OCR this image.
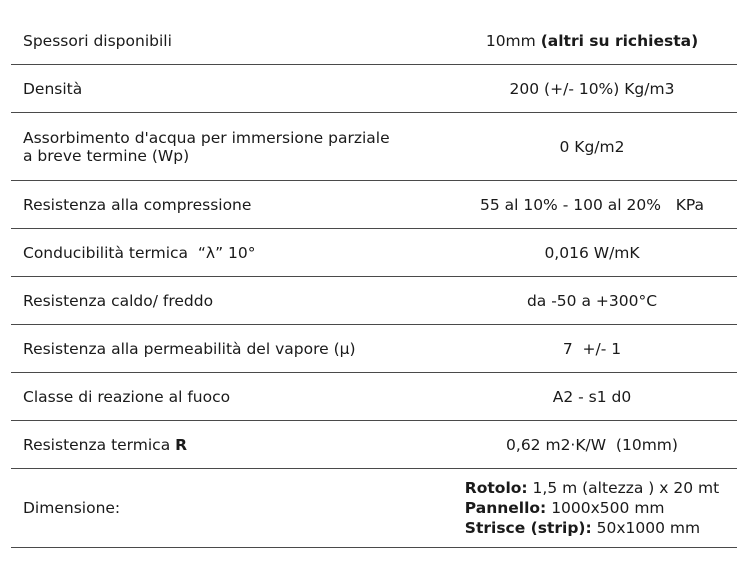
Spessori disponibili	10mm (altri su richiesta)
Densità	200 (+/- 10%) Kg/m3
Assorbimento d'acqua per immersione parziale
a breve termine (Wp)	0 Kg/m2
Resistenza alla compressione	55 al 10% - 100 al 20%   KPa
Conducibilità termica  “λ” 10°	0,016 W/mK
Resistenza caldo/ freddo	da -50 a +300°C
Resistenza alla permeabilità del vapore (μ)	7  +/- 1
Classe di reazione al fuoco	A2 - s1 d0
Resistenza termica R	0,62 m2·K/W  (10mm)
Dimensione:	Rotolo: 1,5 m (altezza ) x 20 mt
Pannello: 1000x500 mm
Strisce (strip): 50x1000 mm
